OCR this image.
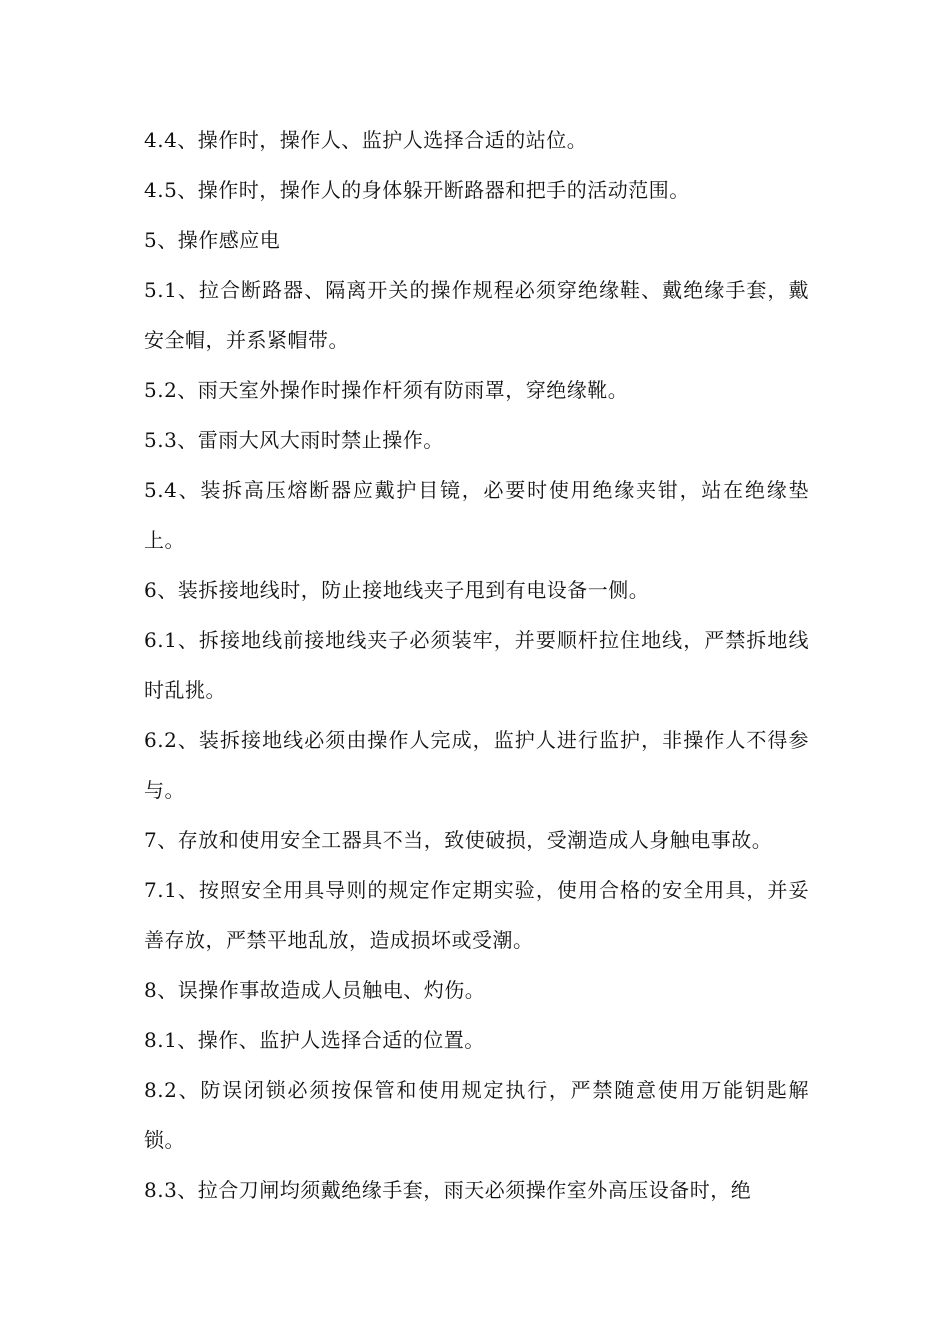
4.4、操作时，操作人、监护人选择合适的站位。

4.5、操作时，操作人的身体躲开断路器和把手的活动范围。

5、操作感应电

5.1、拉合断路器、隔离开关的操作规程必须穿绝缘鞋、戴绝缘手套，戴安全帽，并系紧帽带。

5.2、雨天室外操作时操作杆须有防雨罩，穿绝缘靴。

5.3、雷雨大风大雨时禁止操作。

5.4、装拆高压熔断器应戴护目镜，必要时使用绝缘夹钳，站在绝缘垫上。

6、装拆接地线时，防止接地线夹子甩到有电设备一侧。

6.1、拆接地线前接地线夹子必须装牢，并要顺杆拉住地线，严禁拆地线时乱挑。

6.2、装拆接地线必须由操作人完成，监护人进行监护，非操作人不得参与。

7、存放和使用安全工器具不当，致使破损，受潮造成人身触电事故。

7.1、按照安全用具导则的规定作定期实验，使用合格的安全用具，并妥善存放，严禁平地乱放，造成损坏或受潮。

8、误操作事故造成人员触电、灼伤。

8.1、操作、监护人选择合适的位置。

8.2、防误闭锁必须按保管和使用规定执行，严禁随意使用万能钥匙解锁。

8.3、拉合刀闸均须戴绝缘手套，雨天必须操作室外高压设备时，绝
